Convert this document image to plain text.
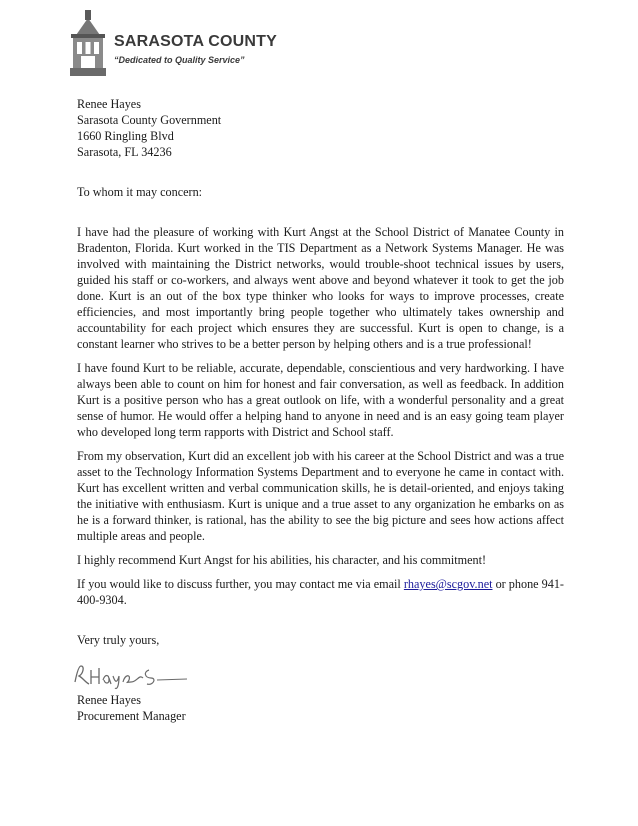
SARASOTA COUNTY
“Dedicated to Quality Service”
Renee Hayes
Sarasota County Government
1660 Ringling Blvd
Sarasota, FL 34236
To whom it may concern:

I have had the pleasure of working with Kurt Angst at the School District of Manatee County in Bradenton, Florida. Kurt worked in the TIS Department as a Network Systems Manager. He was involved with maintaining the District networks, would trouble-shoot technical issues by users, guided his staff or co-workers, and always went above and beyond whatever it took to get the job done. Kurt is an out of the box type thinker who looks for ways to improve processes, create efficiencies, and most importantly bring people together who ultimately takes ownership and accountability for each project which ensures they are successful. Kurt is open to change, is a constant learner who strives to be a better person by helping others and is a true professional!

I have found Kurt to be reliable, accurate, dependable, conscientious and very hardworking. I have always been able to count on him for honest and fair conversation, as well as feedback. In addition Kurt is a positive person who has a great outlook on life, with a wonderful personality and a great sense of humor. He would offer a helping hand to anyone in need and is an easy going team player who developed long term rapports with District and School staff.

From my observation, Kurt did an excellent job with his career at the School District and was a true asset to the Technology Information Systems Department and to everyone he came in contact with. Kurt has excellent written and verbal communication skills, he is detail-oriented, and enjoys taking the initiative with enthusiasm. Kurt is unique and a true asset to any organization he embarks on as he is a forward thinker, is rational, has the ability to see the big picture and sees how actions affect multiple areas and people.

I highly recommend Kurt Angst for his abilities, his character, and his commitment!

If you would like to discuss further, you may contact me via email rhayes@scgov.net or phone 941-400-9304.

Very truly yours,
Renee Hayes
Procurement Manager
